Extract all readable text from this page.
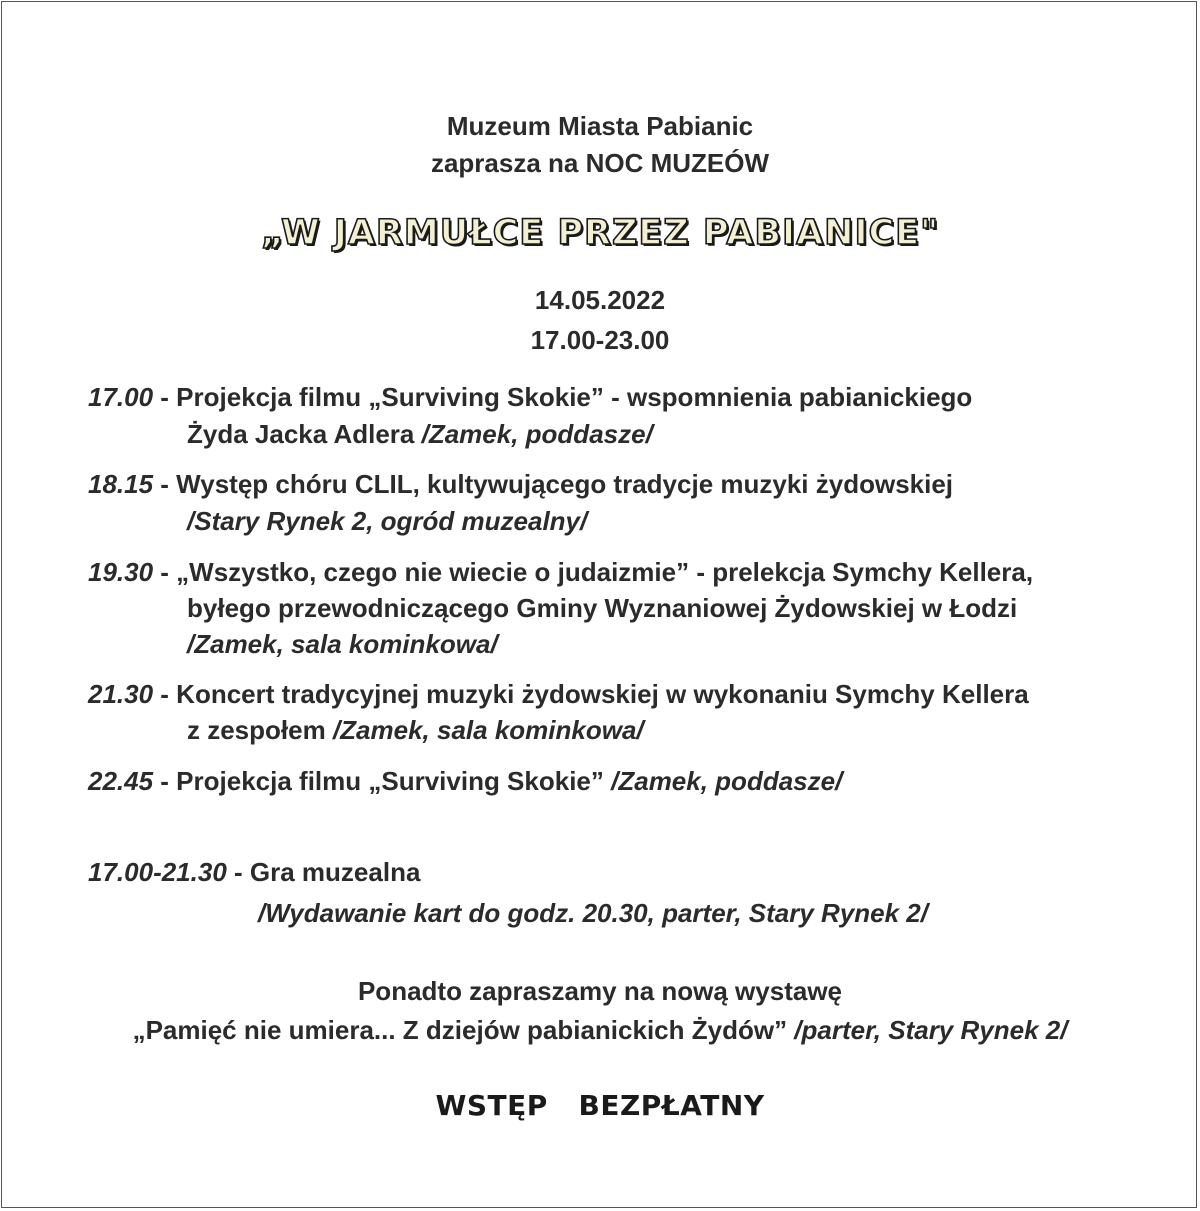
Muzeum Miasta Pabianic
zaprasza na NOC MUZEÓW
„W JARMUŁCE PRZEZ PABIANICE"
14.05.2022
17.00-23.00
17.00 - Projekcja filmu „Surviving Skokie” - wspomnienia pabianickiego
Żyda Jacka Adlera /Zamek, poddasze/
18.15 - Występ chóru CLIL, kultywującego tradycje muzyki żydowskiej
/Stary Rynek 2, ogród muzealny/
19.30 - „Wszystko, czego nie wiecie o judaizmie” - prelekcja Symchy Kellera,
byłego przewodniczącego Gminy Wyznaniowej Żydowskiej w Łodzi
/Zamek, sala kominkowa/
21.30 - Koncert tradycyjnej muzyki żydowskiej w wykonaniu Symchy Kellera
z zespołem /Zamek, sala kominkowa/
22.45 - Projekcja filmu „Surviving Skokie” /Zamek, poddasze/
17.00-21.30 - Gra muzealna
/Wydawanie kart do godz. 20.30, parter, Stary Rynek 2/
Ponadto zapraszamy na nową wystawę
„Pamięć nie umiera... Z dziejów pabianickich Żydów” /parter, Stary Rynek 2/
WSTĘP   BEZPŁATNY
